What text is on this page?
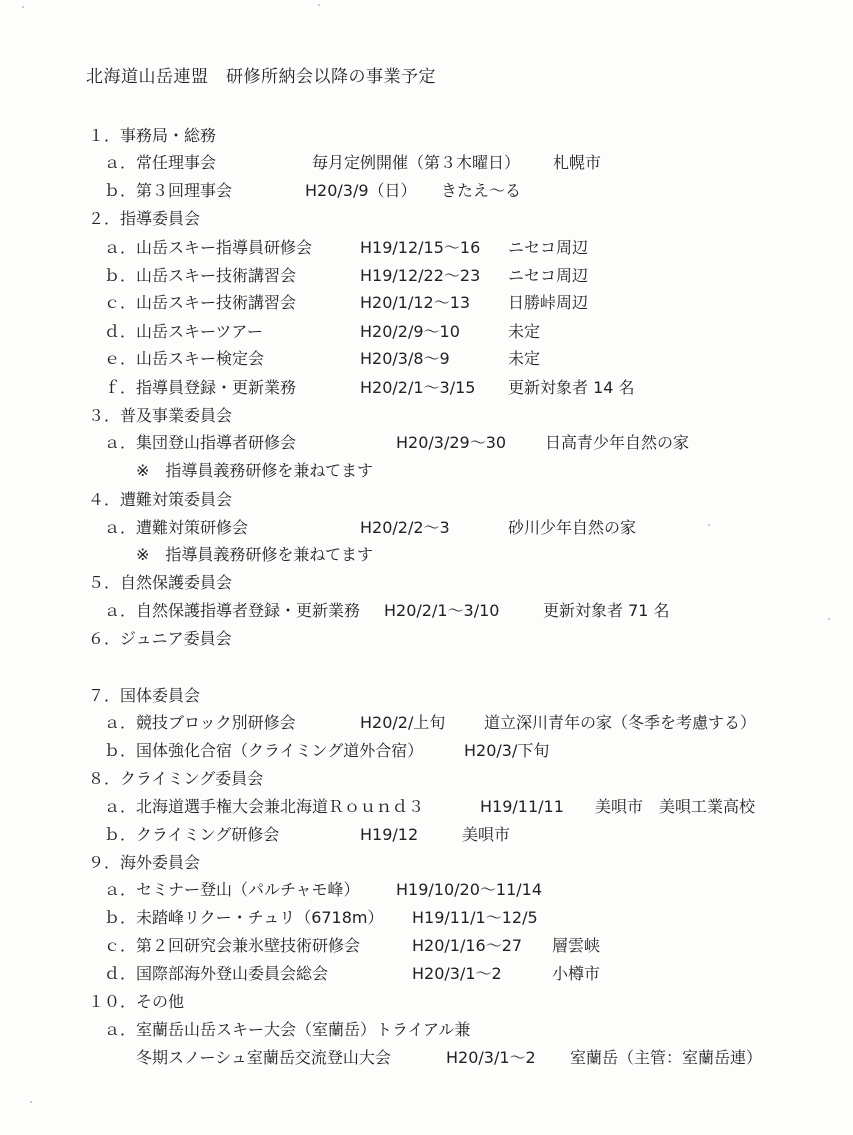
北海道山岳連盟　研修所納会以降の事業予定
１．事務局・総務
ａ．常任理事会	毎月定例開催（第３木曜日） 札幌市
ｂ．第３回理事会	H20/3/9（日） きたえ～る
２．指導委員会
ａ．山岳スキー指導員研修会	H19/12/15～16 ニセコ周辺
ｂ．山岳スキー技術講習会	H19/12/22～23 ニセコ周辺
ｃ．山岳スキー技術講習会	H20/1/12～13 日勝峠周辺
ｄ．山岳スキーツアー	H20/2/9～10	未定
ｅ．山岳スキー検定会	H20/3/8～9	未定
ｆ．指導員登録・更新業務	H20/2/1～3/15 更新対象者 14 名
３．普及事業委員会
ａ．集団登山指導者研修会	H20/3/29～30 日高青少年自然の家
※　指導員義務研修を兼ねてます
４．遭難対策委員会
ａ．遭難対策研修会	H20/2/2～3	砂川少年自然の家
※　指導員義務研修を兼ねてます
５．自然保護委員会
ａ．自然保護指導者登録・更新業務 H20/2/1～3/10	更新対象者 71 名
６．ジュニア委員会
７．国体委員会
ａ．競技ブロック別研修会	H20/2/上旬 道立深川青年の家（冬季を考慮する）
ｂ．国体強化合宿（クライミング道外合宿）	H20/3/下旬
８．クライミング委員会
ａ．北海道選手権大会兼北海道Ｒｏｕｎｄ３	H19/11/11 美唄市　美唄工業高校
ｂ．クライミング研修会	H19/12	美唄市
９．海外委員会
ａ．セミナー登山（パルチャモ峰） H19/10/20～11/14
ｂ．未踏峰リクー・チュリ（6718m） H19/11/1～12/5
ｃ．第２回研究会兼氷壁技術研修会	H20/1/16～27 層雲峡
ｄ．国際部海外登山委員会総会	H20/3/1～2	小樽市
１０．その他
ａ．室蘭岳山岳スキー大会（室蘭岳）トライアル兼
冬期スノーシュ室蘭岳交流登山大会	H20/3/1～2 室蘭岳（主管：室蘭岳連）
